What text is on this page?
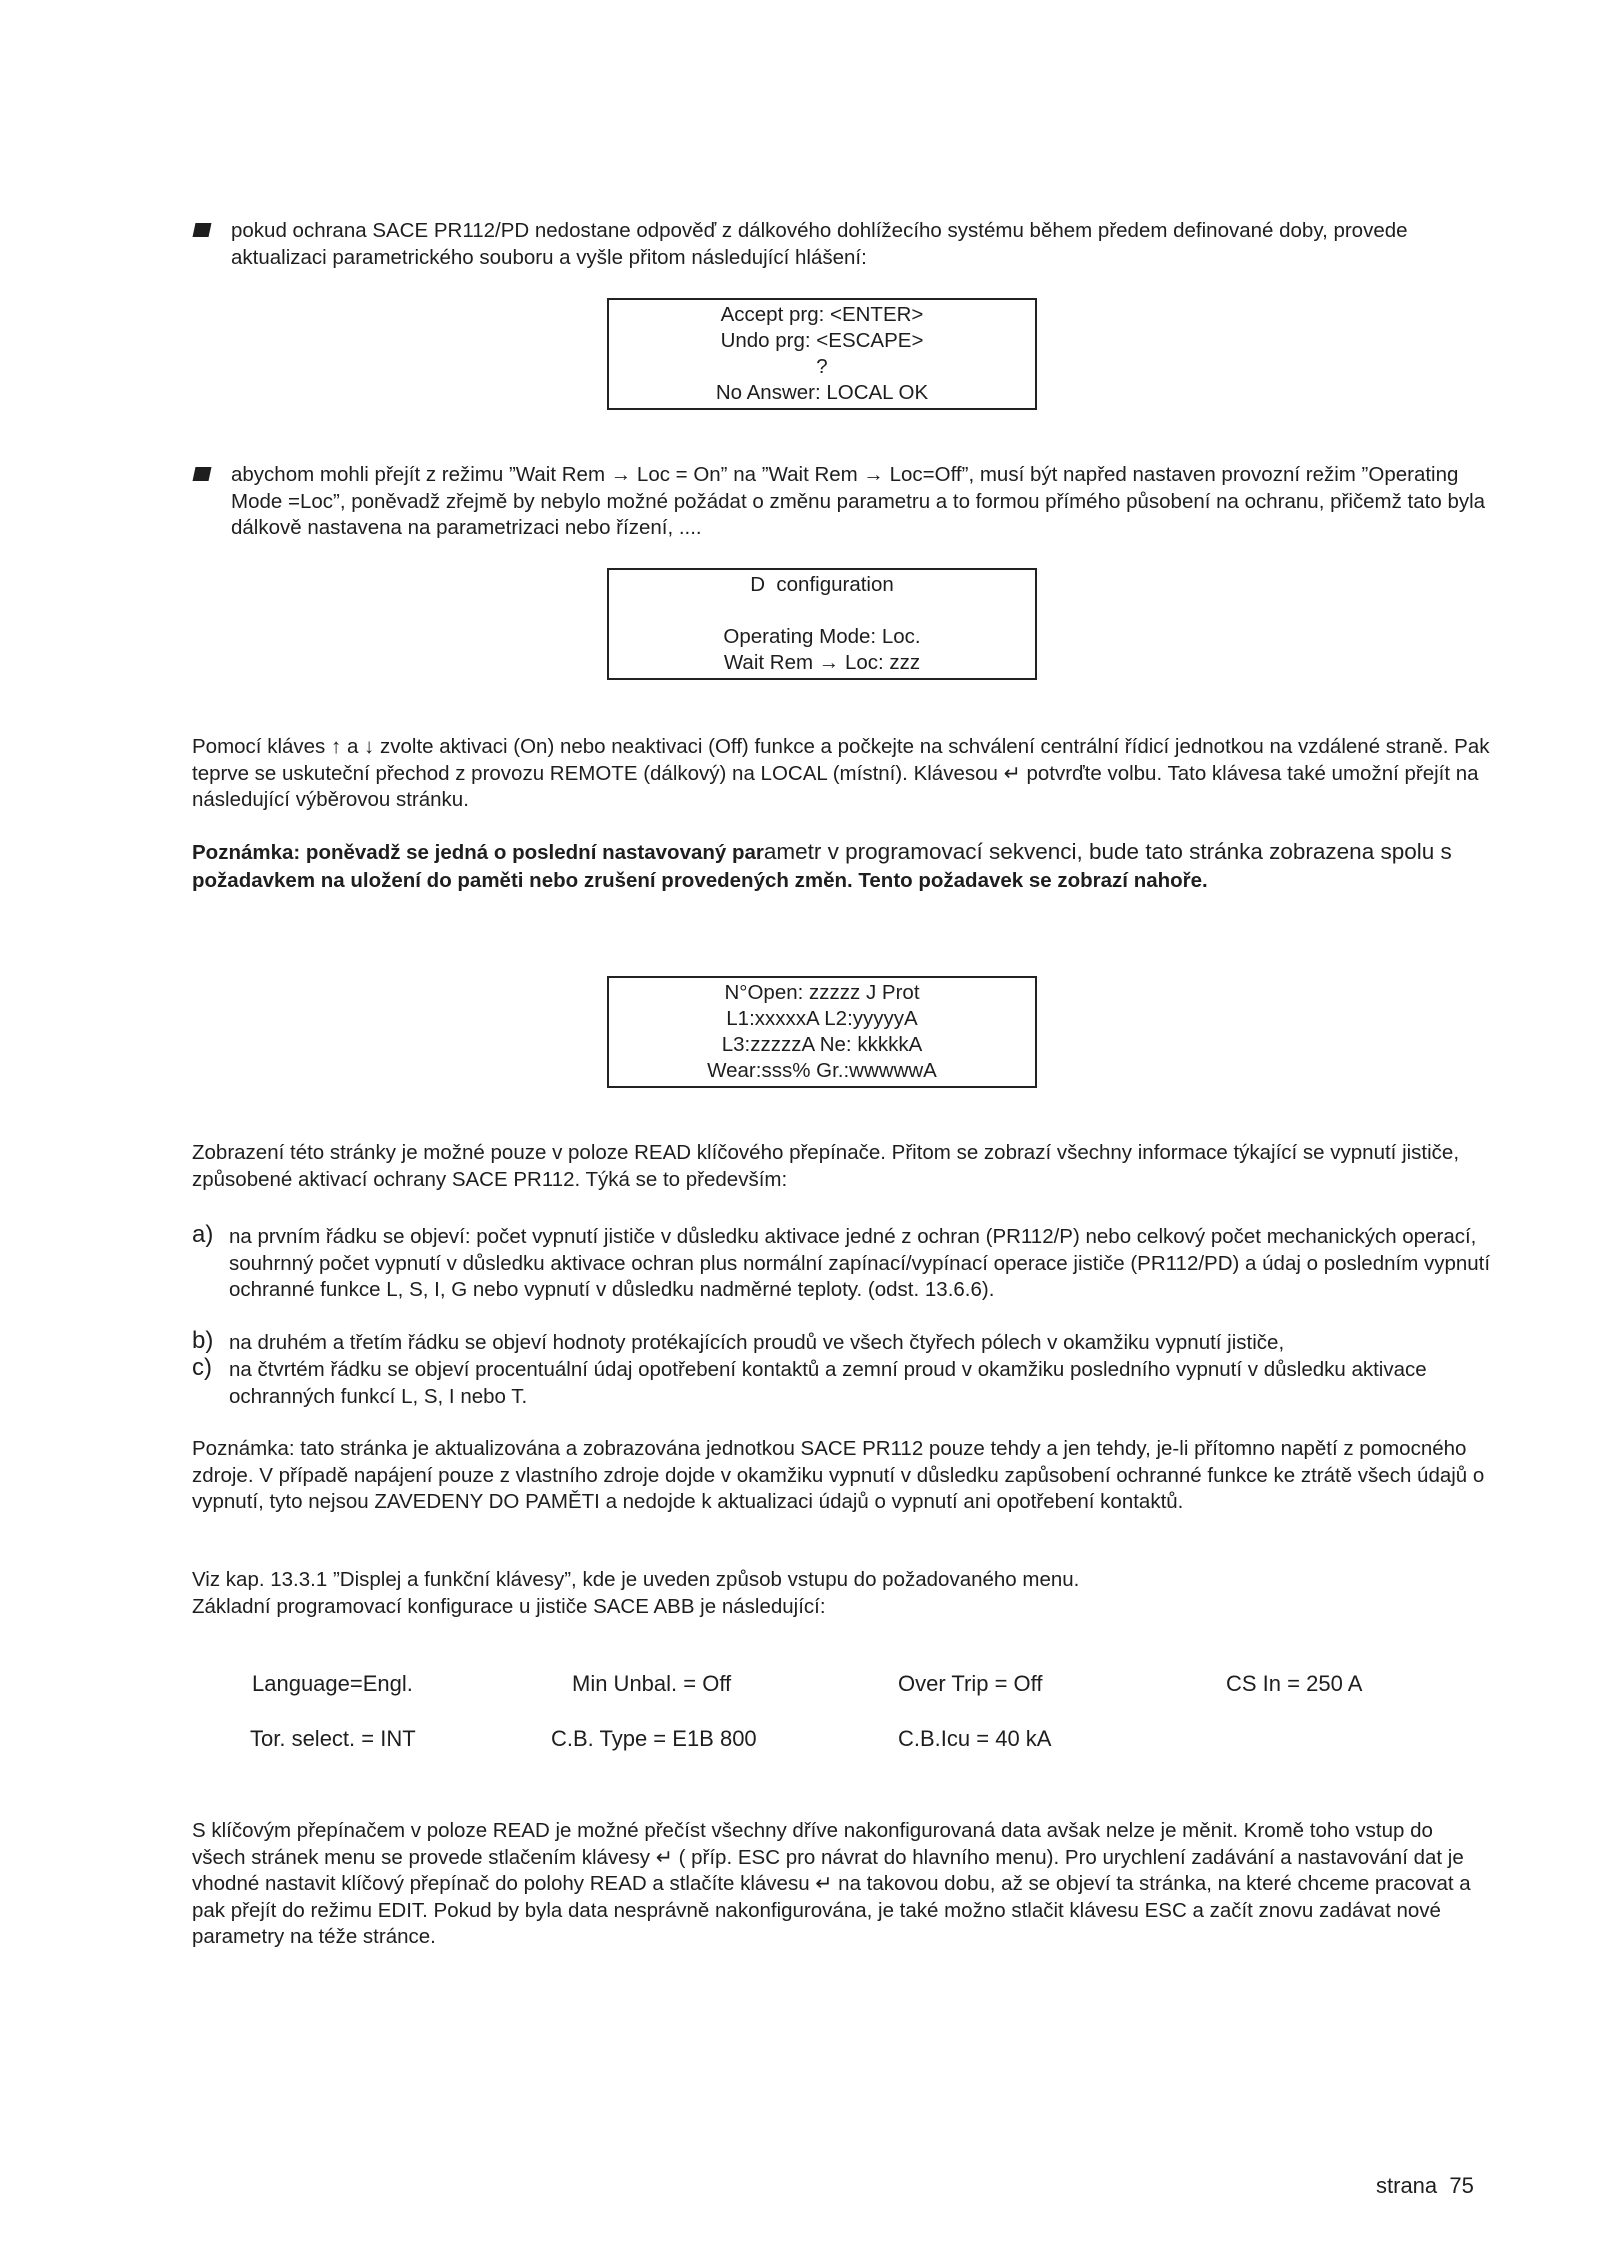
pokud ochrana SACE PR112/PD nedostane odpověď z dálkového dohlížecího systému během předem definované doby, provede aktualizaci parametrického souboru a vyšle přitom následující hlášení:
Accept prg: <ENTER>
Undo prg: <ESCAPE>
?
No Answer: LOCAL OK
abychom mohli přejít z režimu ”Wait Rem → Loc = On” na ”Wait Rem → Loc=Off”, musí být napřed nastaven provozní režim ”Operating Mode =Loc”, poněvadž zřejmě by nebylo možné požádat o změnu parametru a to formou přímého působení na ochranu, přičemž tato byla dálkově nastavena na parametrizaci nebo řízení, ....
D  configuration
Operating Mode: Loc.
Wait Rem → Loc: zzz
Pomocí kláves ↑ a ↓ zvolte aktivaci (On) nebo neaktivaci (Off) funkce a počkejte na schválení centrální řídicí jednotkou na vzdálené straně. Pak teprve se uskuteční přechod z provozu REMOTE (dálkový) na LOCAL (místní). Klávesou ↵ potvrďte volbu. Tato klávesa také umožní přejít na následující výběrovou stránku.
Poznámka: poněvadž se jedná o poslední nastavovaný parametr v programovací sekvenci, bude tato stránka zobrazena spolu s požadavkem na uložení do paměti nebo zrušení provedených změn. Tento požadavek se zobrazí nahoře.
N°Open: zzzzz J Prot
L1:xxxxxA L2:yyyyyA
L3:zzzzzA Ne: kkkkkA
Wear:sss% Gr.:wwwwwA
Zobrazení této stránky je možné pouze v poloze READ klíčového přepínače. Přitom se zobrazí všechny informace týkající se vypnutí jističe, způsobené aktivací ochrany SACE PR112. Týká se to především:
a) na prvním řádku se objeví: počet vypnutí jističe v důsledku aktivace jedné z ochran (PR112/P) nebo celkový počet mechanických operací, souhrnný počet vypnutí v důsledku aktivace ochran plus normální zapínací/vypínací operace jističe (PR112/PD) a údaj o posledním vypnutí ochranné funkce L, S, I, G nebo vypnutí v důsledku nadměrné teploty. (odst. 13.6.6).
b) na druhém a třetím řádku se objeví hodnoty protékajících proudů ve všech čtyřech pólech v okamžiku vypnutí jističe,
c) na čtvrtém řádku se objeví procentuální údaj opotřebení kontaktů a zemní proud v okamžiku posledního vypnutí v důsledku aktivace ochranných funkcí L, S, I nebo T.
Poznámka: tato stránka je aktualizována a zobrazována jednotkou SACE PR112 pouze tehdy a jen tehdy, je-li přítomno napětí z pomocného zdroje. V případě napájení pouze z vlastního zdroje dojde v okamžiku vypnutí v důsledku zapůsobení ochranné funkce ke ztrátě všech údajů o vypnutí, tyto nejsou ZAVEDENY DO PAMĚTI a nedojde k aktualizaci údajů o vypnutí ani opotřebení kontaktů.
Viz kap. 13.3.1 ”Displej a funkční klávesy”, kde je uveden způsob vstupu do požadovaného menu.
Základní programovací konfigurace u jističe SACE ABB je následující:
Language=Engl.	Min Unbal. = Off	Over Trip = Off	CS In = 250 A
Tor. select. = INT	C.B. Type = E1B 800	C.B.Icu = 40 kA
S klíčovým přepínačem v poloze READ je možné přečíst všechny dříve nakonfigurovaná data avšak nelze je měnit. Kromě toho vstup do všech stránek menu se provede stlačením klávesy ↵ ( příp. ESC pro návrat do hlavního menu). Pro urychlení zadávání a nastavování dat je vhodné nastavit klíčový přepínač do polohy READ a stlačíte klávesu ↵ na takovou dobu, až se objeví ta stránka, na které chceme pracovat a pak přejít do režimu EDIT. Pokud by byla data nesprávně nakonfigurována, je také možno stlačit klávesu ESC a začít znovu zadávat nové parametry na téže stránce.
strana 75
